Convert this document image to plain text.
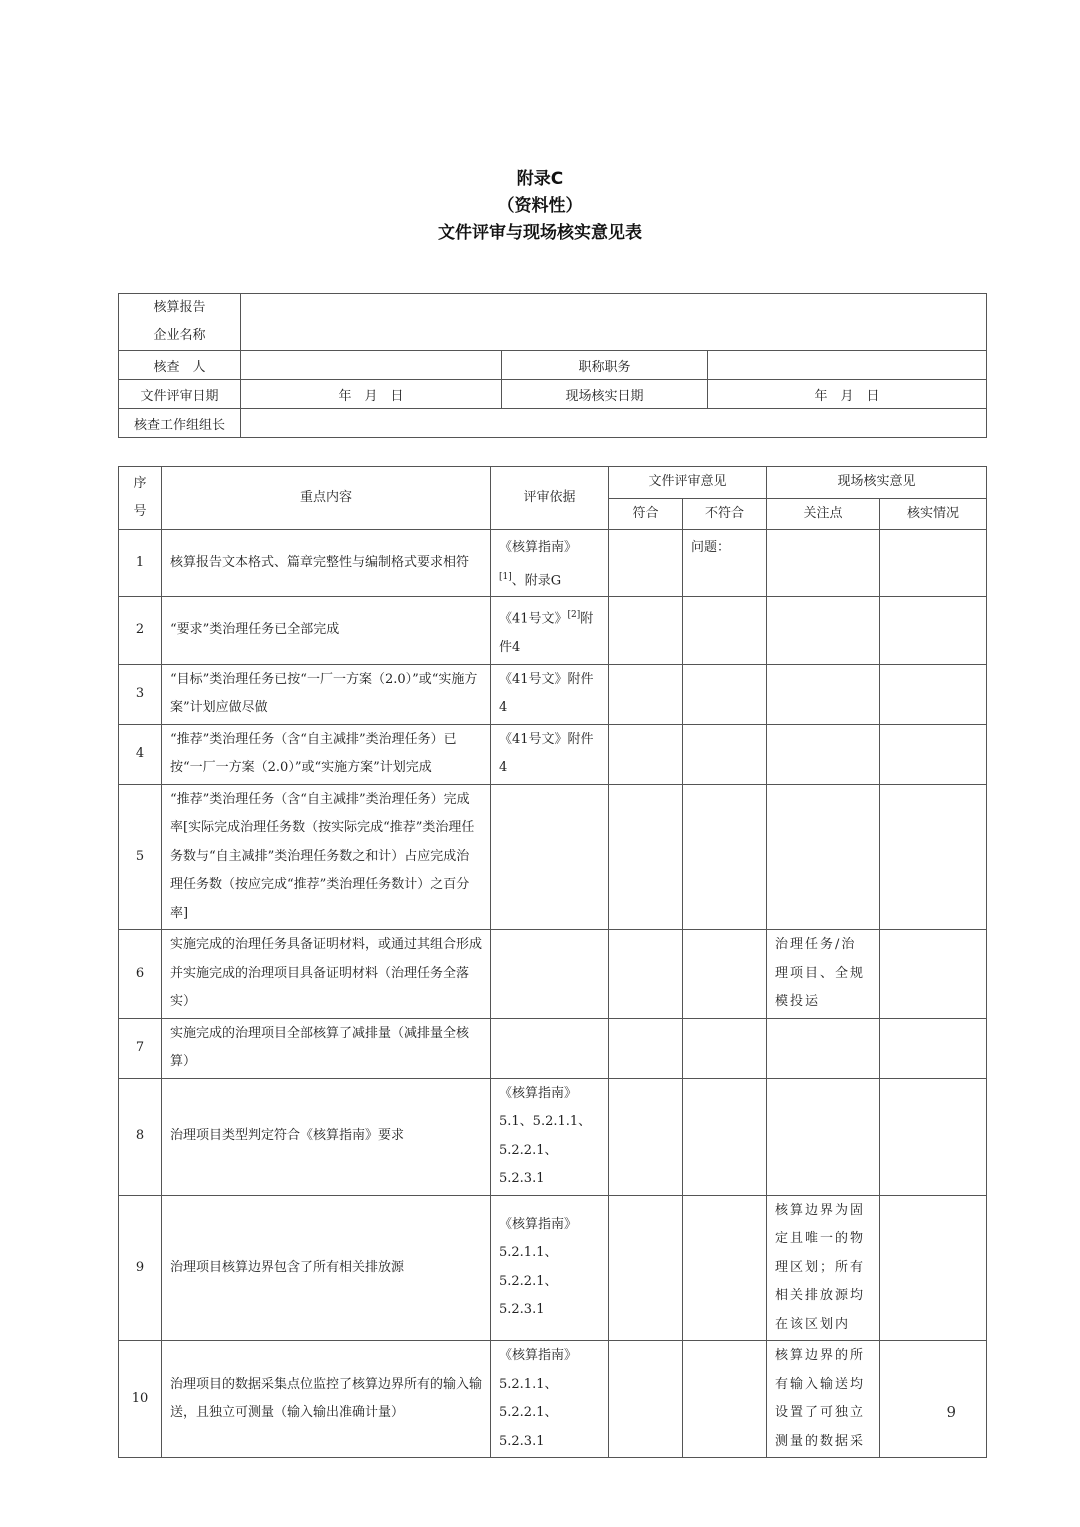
附录C
（资料性）
文件评审与现场核实意见表
核算报告
企业名称			

核查　人		职称职务	
文件评审日期	年　月　日	现场核实日期	年　月　日
核查工作组组长			
序号	重点内容	评审依据	文件评审意见		现场核实意见	
			符合	不符合	关注点	核实情况
1	核算报告文本格式、篇章完整性与编制格式要求相符	《核算指南》[1]、附录G		问题：		
2	“要求”类治理任务已全部完成	《41号文》[2]附件4				
3	“目标”类治理任务已按“一厂一方案（2.0）”或“实施方案”计划应做尽做	《41号文》附件4				
4	“推荐”类治理任务（含“自主减排”类治理任务）已按“一厂一方案（2.0）”或“实施方案”计划完成	《41号文》附件4				
5	“推荐”类治理任务（含“自主减排”类治理任务）完成率[实际完成治理任务数（按实际完成“推荐”类治理任务数与“自主减排”类治理任务数之和计）占应完成治理任务数（按应完成“推荐”类治理任务数计）之百分率]					
6	实施完成的治理任务具备证明材料，或通过其组合形成并实施完成的治理项目具备证明材料（治理任务全落实）				治理任务/治理项目、全规模投运	
7	实施完成的治理项目全部核算了减排量（减排量全核算）					
8	治理项目类型判定符合《核算指南》要求	《核算指南》5.1、5.2.1.1、5.2.2.1、5.2.3.1				
9	治理项目核算边界包含了所有相关排放源	《核算指南》5.2.1.1、5.2.2.1、5.2.3.1			核算边界为固定且唯一的物理区划；所有相关排放源均在该区划内	
10	治理项目的数据采集点位监控了核算边界所有的输入输送，且独立可测量（输入输出准确计量）	《核算指南》5.2.1.1、5.2.2.1、5.2.3.1			核算边界的所有输入输送均设置了可独立测量的数据采	
9
